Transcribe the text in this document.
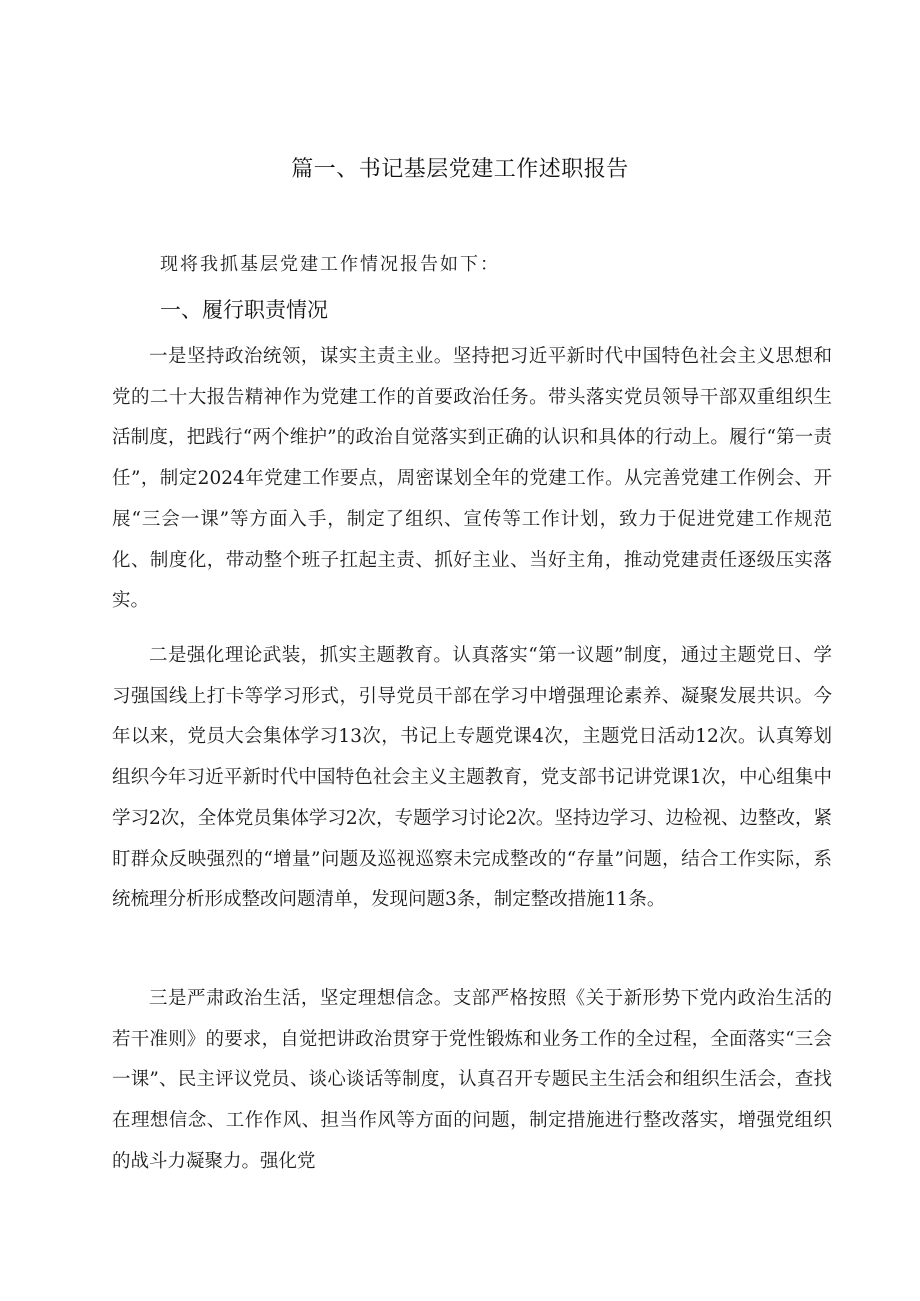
篇一、书记基层党建工作述职报告
现将我抓基层党建工作情况报告如下：
一、履行职责情况

一是坚持政治统领，谋实主责主业。坚持把习近平新时代中国特色社会主义思想和党的二十大报告精神作为党建工作的首要政治任务。带头落实党员领导干部双重组织生活制度，把践行“两个维护”的政治自觉落实到正确的认识和具体的行动上。履行“第一责任”，制定2024年党建工作要点，周密谋划全年的党建工作。从完善党建工作例会、开展“三会一课”等方面入手，制定了组织、宣传等工作计划，致力于促进党建工作规范化、制度化，带动整个班子扛起主责、抓好主业、当好主角，推动党建责任逐级压实落实。

二是强化理论武装，抓实主题教育。认真落实“第一议题”制度，通过主题党日、学习强国线上打卡等学习形式，引导党员干部在学习中增强理论素养、凝聚发展共识。今年以来，党员大会集体学习13次，书记上专题党课4次，主题党日活动12次。认真筹划组织今年习近平新时代中国特色社会主义主题教育，党支部书记讲党课1次，中心组集中学习2次，全体党员集体学习2次，专题学习讨论2次。坚持边学习、边检视、边整改，紧盯群众反映强烈的“增量”问题及巡视巡察未完成整改的“存量”问题，结合工作实际，系统梳理分析形成整改问题清单，发现问题3条，制定整改措施11条。

三是严肃政治生活，坚定理想信念。支部严格按照《关于新形势下党内政治生活的若干准则》的要求，自觉把讲政治贯穿于党性锻炼和业务工作的全过程，全面落实“三会一课”、民主评议党员、谈心谈话等制度，认真召开专题民主生活会和组织生活会，查找在理想信念、工作作风、担当作风等方面的问题，制定措施进行整改落实，增强党组织的战斗力凝聚力。强化党
